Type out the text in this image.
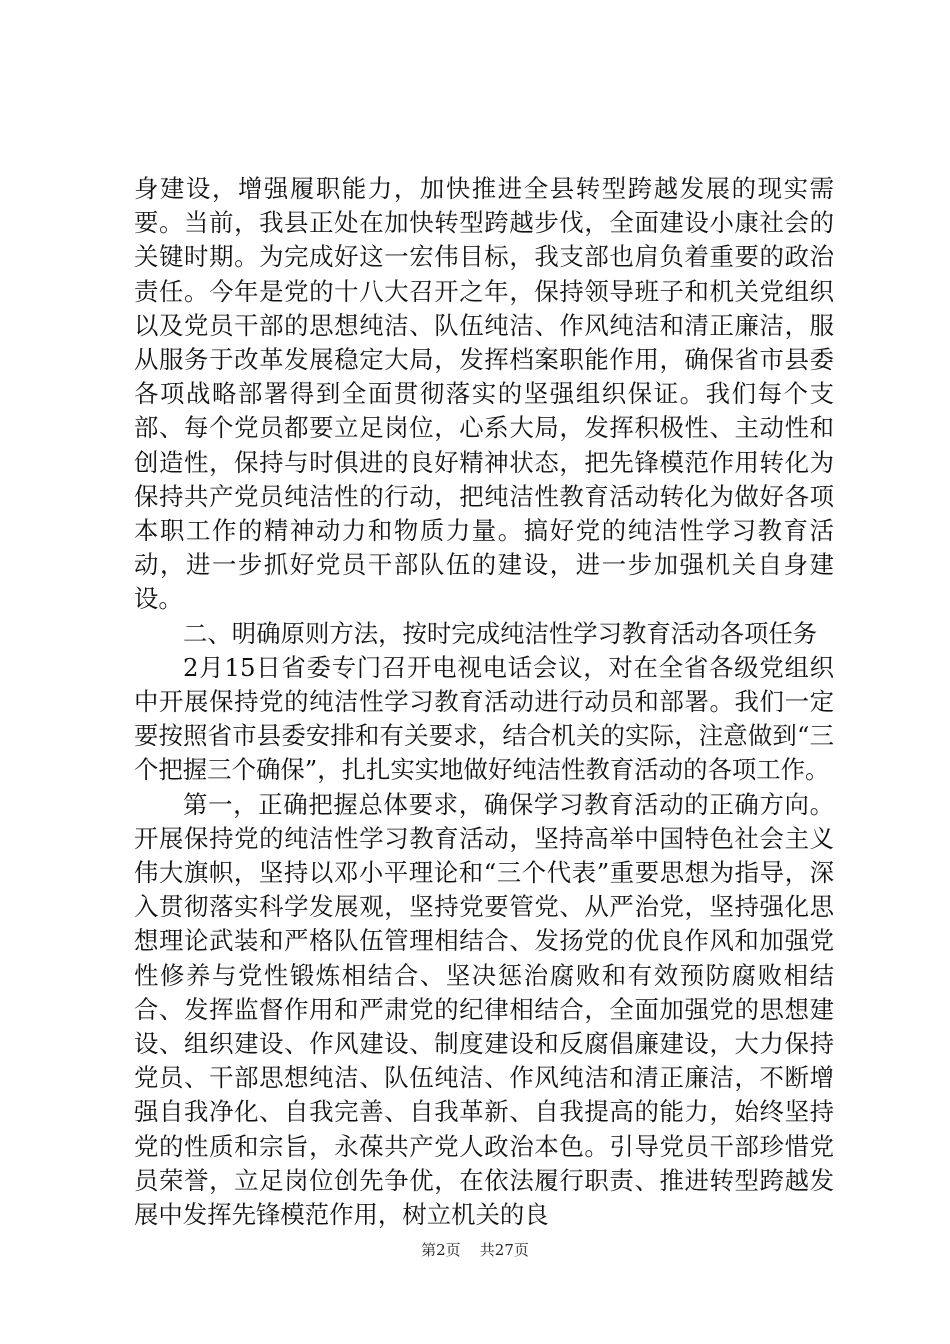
身建设，增强履职能力，加快推进全县转型跨越发展的现实需要。当前，我县正处在加快转型跨越步伐，全面建设小康社会的关键时期。为完成好这一宏伟目标，我支部也肩负着重要的政治责任。今年是党的十八大召开之年，保持领导班子和机关党组织以及党员干部的思想纯洁、队伍纯洁、作风纯洁和清正廉洁，服从服务于改革发展稳定大局，发挥档案职能作用，确保省市县委各项战略部署得到全面贯彻落实的坚强组织保证。我们每个支部、每个党员都要立足岗位，心系大局，发挥积极性、主动性和创造性，保持与时俱进的良好精神状态，把先锋模范作用转化为保持共产党员纯洁性的行动，把纯洁性教育活动转化为做好各项本职工作的精神动力和物质力量。搞好党的纯洁性学习教育活动，进一步抓好党员干部队伍的建设，进一步加强机关自身建设。

二、明确原则方法，按时完成纯洁性学习教育活动各项任务

2月15日省委专门召开电视电话会议，对在全省各级党组织中开展保持党的纯洁性学习教育活动进行动员和部署。我们一定要按照省市县委安排和有关要求，结合机关的实际，注意做到“三个把握三个确保”，扎扎实实地做好纯洁性教育活动的各项工作。

第一，正确把握总体要求，确保学习教育活动的正确方向。开展保持党的纯洁性学习教育活动，坚持高举中国特色社会主义伟大旗帜，坚持以邓小平理论和“三个代表”重要思想为指导，深入贯彻落实科学发展观，坚持党要管党、从严治党，坚持强化思想理论武装和严格队伍管理相结合、发扬党的优良作风和加强党性修养与党性锻炼相结合、坚决惩治腐败和有效预防腐败相结合、发挥监督作用和严肃党的纪律相结合，全面加强党的思想建设、组织建设、作风建设、制度建设和反腐倡廉建设，大力保持党员、干部思想纯洁、队伍纯洁、作风纯洁和清正廉洁，不断增强自我净化、自我完善、自我革新、自我提高的能力，始终坚持党的性质和宗旨，永葆共产党人政治本色。引导党员干部珍惜党员荣誉，立足岗位创先争优，在依法履行职责、推进转型跨越发展中发挥先锋模范作用，树立机关的良

第2页 共27页
